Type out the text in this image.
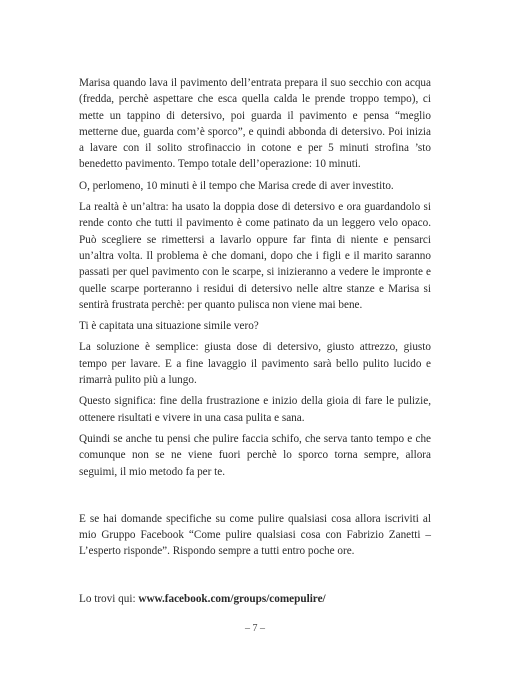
Marisa quando lava il pavimento dell’entrata prepara il suo secchio con acqua (fredda, perchè aspettare che esca quella calda le prende troppo tempo), ci mette un tappino di detersivo, poi guarda il pavimento e pensa “meglio metterne due, guarda com’è sporco”, e quindi abbonda di detersivo. Poi inizia a lavare con il solito strofinaccio in cotone e per 5 minuti strofina ’sto benedetto pavimento. Tempo totale dell’operazione: 10 minuti.

O, perlomeno, 10 minuti è il tempo che Marisa crede di aver investito.

La realtà è un’altra: ha usato la doppia dose di detersivo e ora guardandolo si rende conto che tutti il pavimento è come patinato da un leggero velo opaco. Può scegliere se rimettersi a lavarlo oppure far finta di niente e pensarci un’altra volta. Il problema è che domani, dopo che i figli e il marito saranno passati per quel pavimento con le scarpe, si inizieranno a vedere le impronte e quelle scarpe porteranno i residui di detersivo nelle altre stanze e Marisa si sentirà frustrata perchè: per quanto pulisca non viene mai bene.

Ti è capitata una situazione simile vero?

La soluzione è semplice: giusta dose di detersivo, giusto attrezzo, giusto tempo per lavare. E a fine lavaggio il pavimento sarà bello pulito lucido e rimarrà pulito più a lungo.

Questo significa: fine della frustrazione e inizio della gioia di fare le pulizie, ottenere risultati e vivere in una casa pulita e sana.

Quindi se anche tu pensi che pulire faccia schifo, che serva tanto tempo e che comunque non se ne viene fuori perchè lo sporco torna sempre, allora seguimi, il mio metodo fa per te.

E se hai domande specifiche su come pulire qualsiasi cosa allora iscriviti al mio Gruppo Facebook “Come pulire qualsiasi cosa con Fabrizio Zanetti – L’esperto risponde”. Rispondo sempre a tutti entro poche ore.

Lo trovi qui: www.facebook.com/groups/comepulire/

– 7 –
